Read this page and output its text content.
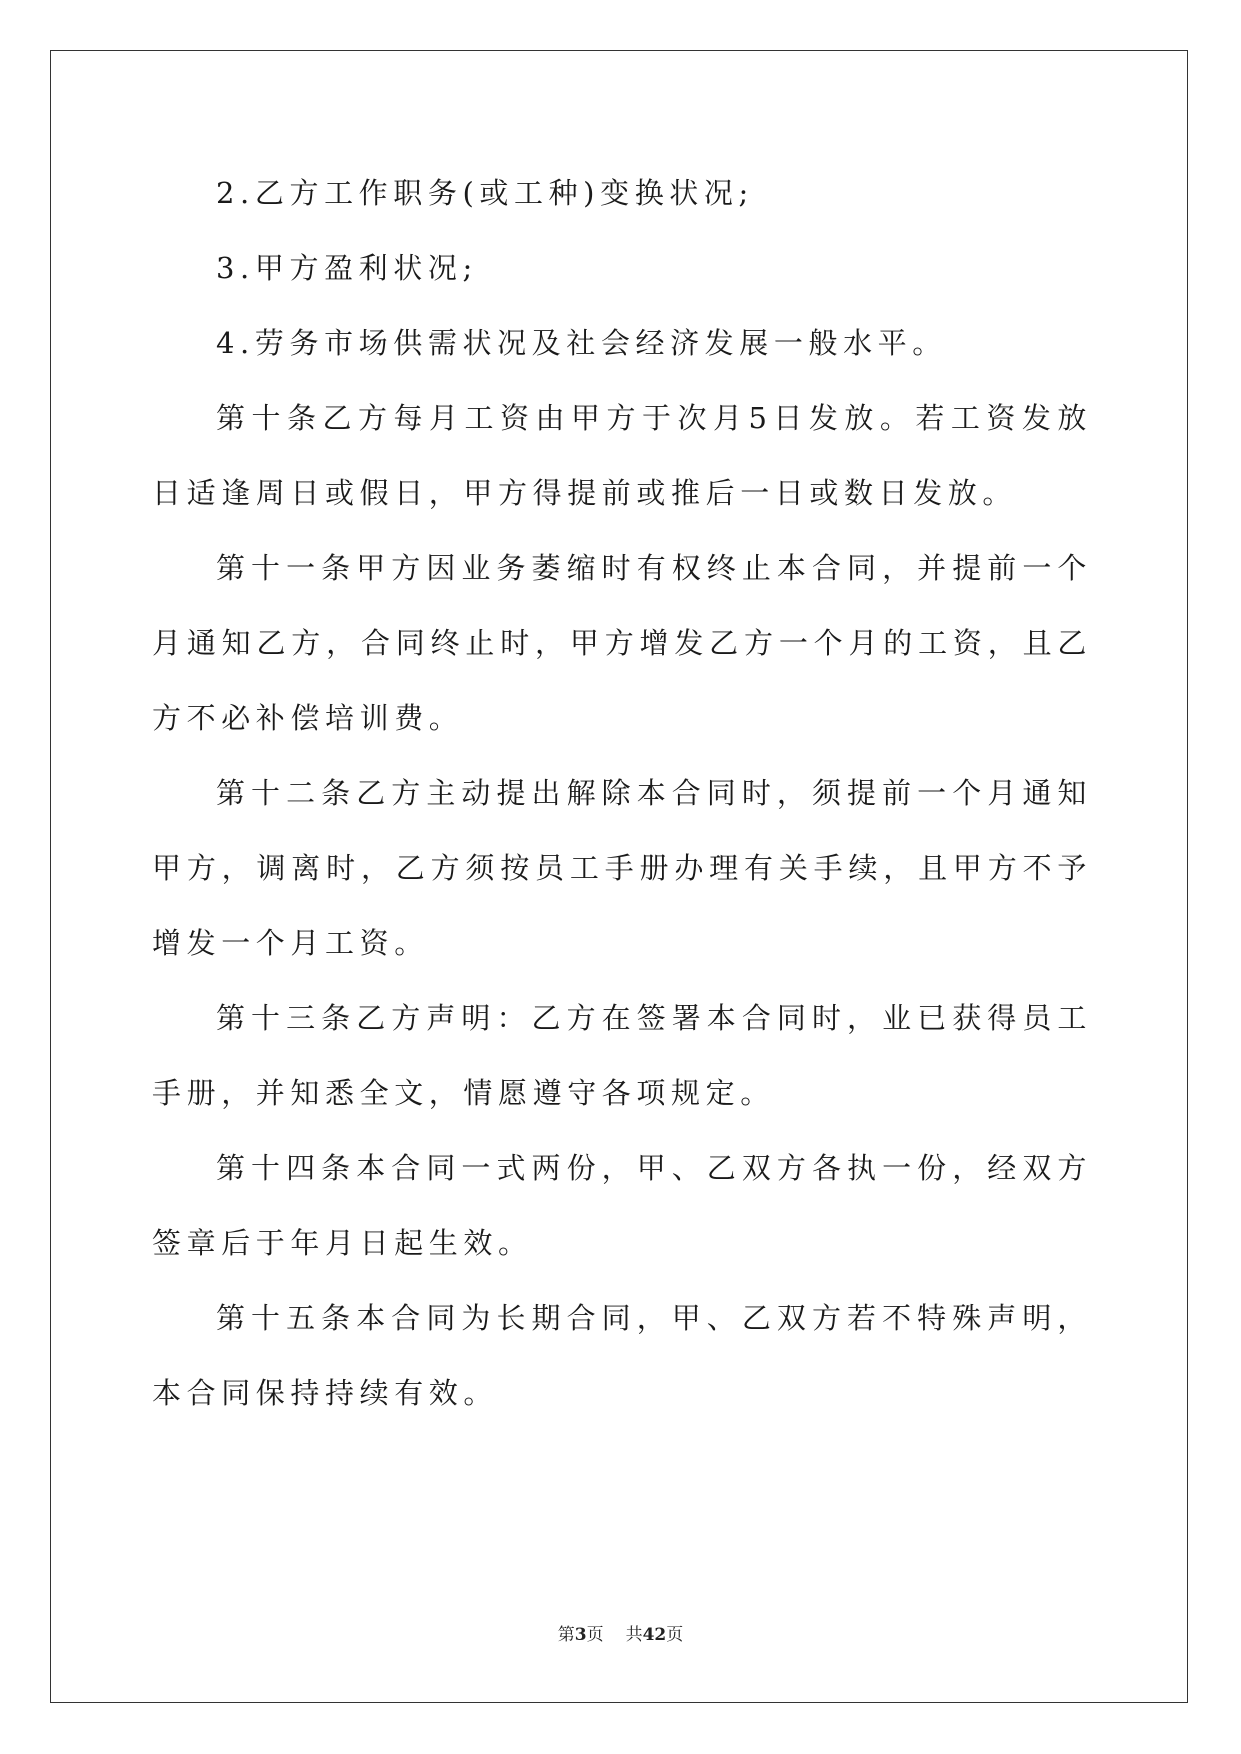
2.乙方工作职务(或工种)变换状况;

3.甲方盈利状况;

4.劳务市场供需状况及社会经济发展一般水平。

第十条乙方每月工资由甲方于次月5日发放。若工资发放日适逢周日或假日，甲方得提前或推后一日或数日发放。

第十一条甲方因业务萎缩时有权终止本合同，并提前一个月通知乙方，合同终止时，甲方增发乙方一个月的工资，且乙方不必补偿培训费。

第十二条乙方主动提出解除本合同时，须提前一个月通知甲方，调离时，乙方须按员工手册办理有关手续，且甲方不予增发一个月工资。

第十三条乙方声明：乙方在签署本合同时，业已获得员工手册，并知悉全文，情愿遵守各项规定。

第十四条本合同一式两份，甲、乙双方各执一份，经双方签章后于年月日起生效。

第十五条本合同为长期合同，甲、乙双方若不特殊声明，本合同保持持续有效。

第3页 共42页
